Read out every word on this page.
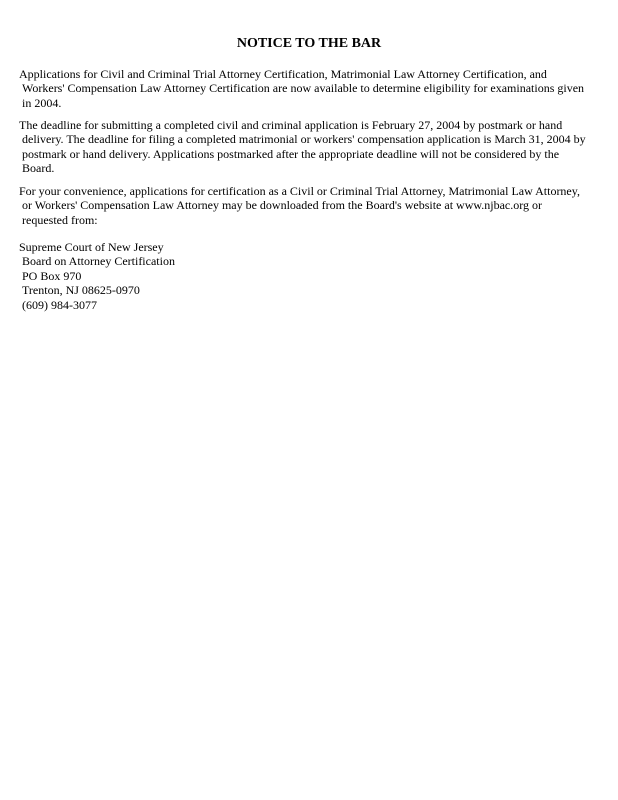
NOTICE TO THE BAR
Applications for Civil and Criminal Trial Attorney Certification, Matrimonial Law Attorney Certification, and
Workers' Compensation Law Attorney Certification are now available to determine eligibility for examinations given
in 2004.
The deadline for submitting a completed civil and criminal application is February 27, 2004 by postmark or hand
delivery. The deadline for filing a completed matrimonial or workers' compensation application is March 31, 2004 by
postmark or hand delivery. Applications postmarked after the appropriate deadline will not be considered by the
Board.
For your convenience, applications for certification as a Civil or Criminal Trial Attorney, Matrimonial Law Attorney,
or Workers' Compensation Law Attorney may be downloaded from the Board's website at www.njbac.org or
requested from:
Supreme Court of New Jersey
Board on Attorney Certification
PO Box 970
Trenton, NJ 08625-0970
(609) 984-3077
